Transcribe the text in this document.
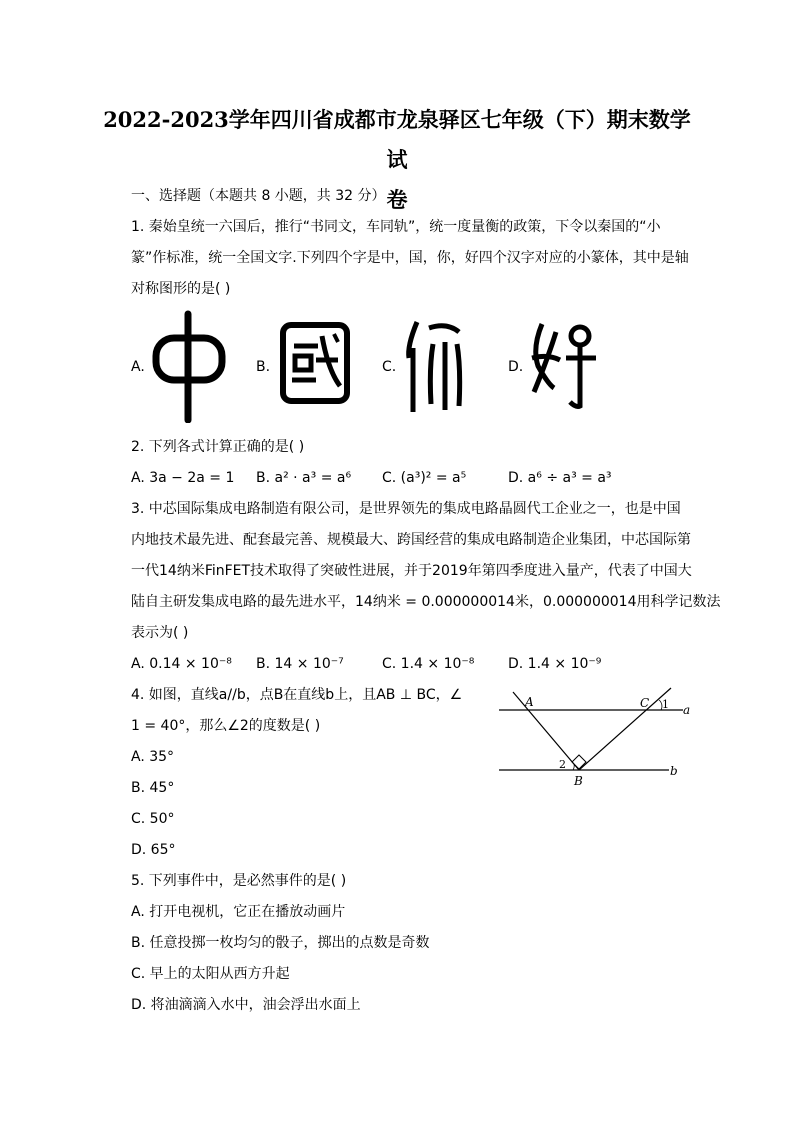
2022-2023学年四川省成都市龙泉驿区七年级（下）期末数学试
卷
一、选择题（本题共 8 小题，共 32 分）
1. 秦始皇统一六国后，推行“书同文，车同轨”，统一度量衡的政策，下令以秦国的“小
篆”作标准，统一全国文字.下列四个字是中，国，你，好四个汉字对应的小篆体，其中是轴
对称图形的是( )
A.	B.	C.	D.
2. 下列各式计算正确的是( )
A. 3a − 2a = 1 B. a² · a³ = a⁶ C. (a³)² = a⁵	D. a⁶ ÷ a³ = a³
3. 中芯国际集成电路制造有限公司，是世界领先的集成电路晶圆代工企业之一，也是中国
内地技术最先进、配套最完善、规模最大、跨国经营的集成电路制造企业集团，中芯国际第
一代14纳米FinFET技术取得了突破性进展，并于2019年第四季度进入量产，代表了中国大
陆自主研发集成电路的最先进水平，14纳米 = 0.000000014米，0.000000014用科学记数法
表示为( )
A. 0.14 × 10⁻⁸ B. 14 × 10⁻⁷	C. 1.4 × 10⁻⁸ D. 1.4 × 10⁻⁹
4. 如图，直线a//b，点B在直线b上，且AB ⊥ BC，∠
1 = 40°，那么∠2的度数是( )
A. 35°
B. 45°
C. 50°
D. 65°
A	C 1 a
2
B
b
5. 下列事件中，是必然事件的是( )
A. 打开电视机，它正在播放动画片
B. 任意投掷一枚均匀的骰子，掷出的点数是奇数
C. 早上的太阳从西方升起
D. 将油滴滴入水中，油会浮出水面上
